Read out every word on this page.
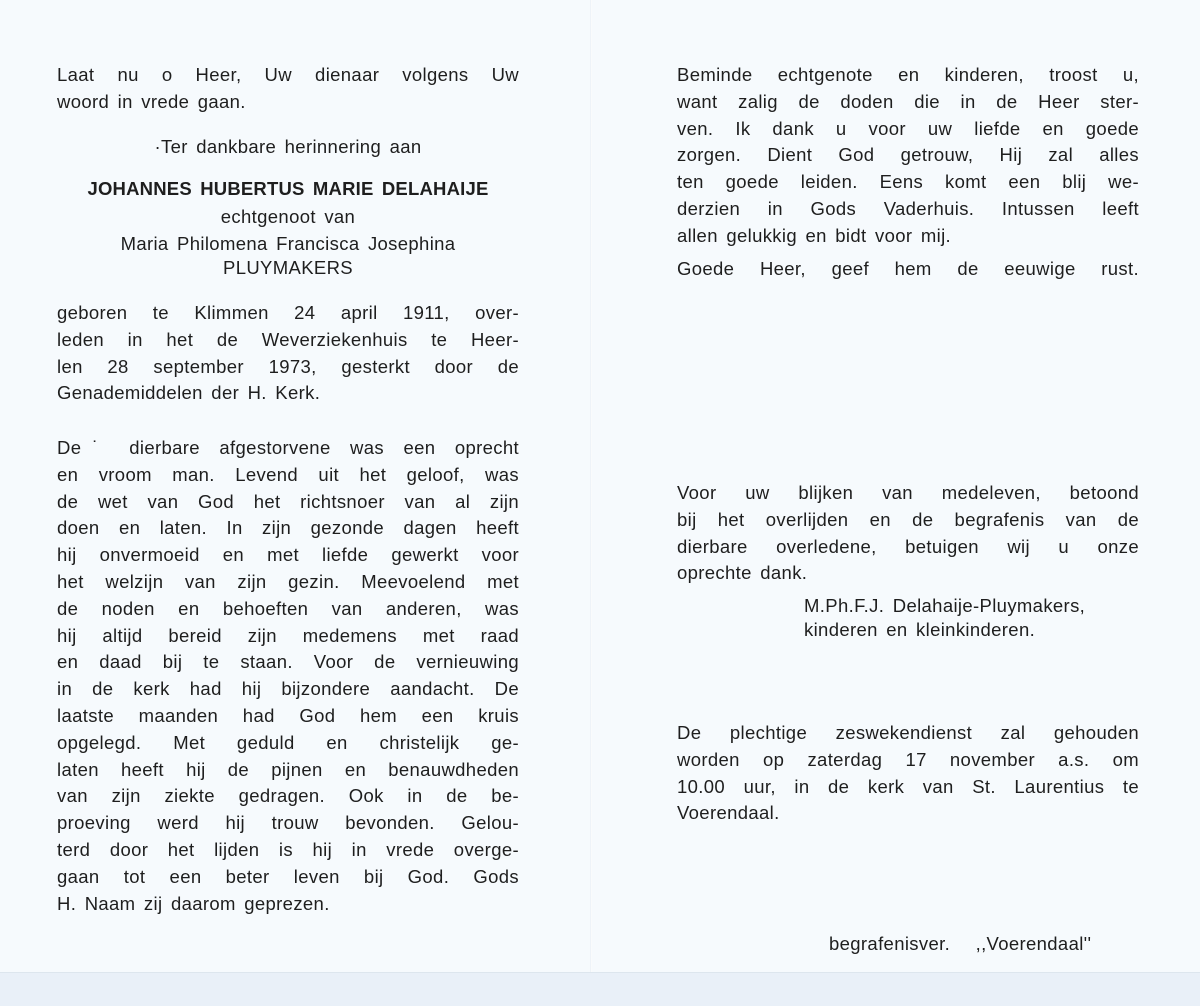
Laat nu o Heer, Uw dienaar volgens Uw
woord in vrede gaan.
·Ter dankbare herinnering aan
JOHANNES HUBERTUS MARIE DELAHAIJE
echtgenoot van
Maria Philomena Francisca Josephina
PLUYMAKERS
geboren te Klimmen 24 april 1911, over-
leden in het de Weverziekenhuis te Heer-
len 28 september 1973, gesterkt door de
Genademiddelen der H. Kerk.
De˙ dierbare afgestorvene was een oprecht
en vroom man. Levend uit het geloof, was
de wet van God het richtsnoer van al zijn
doen en laten. In zijn gezonde dagen heeft
hij onvermoeid en met liefde gewerkt voor
het welzijn van zijn gezin. Meevoelend met
de noden en behoeften van anderen, was
hij altijd bereid zijn medemens met raad
en daad bij te staan. Voor de vernieuwing
in de kerk had hij bijzondere aandacht. De
laatste maanden had God hem een kruis
opgelegd. Met geduld en christelijk ge-
laten heeft hij de pijnen en benauwdheden
van zijn ziekte gedragen. Ook in de be-
proeving werd hij trouw bevonden. Gelou-
terd door het lijden is hij in vrede overge-
gaan tot een beter leven bij God. Gods
H. Naam zij daarom geprezen.
Beminde echtgenote en kinderen, troost u,
want zalig de doden die in de Heer ster-
ven. Ik dank u voor uw liefde en goede
zorgen. Dient God getrouw, Hij zal alles
ten goede leiden. Eens komt een blij we-
derzien in Gods Vaderhuis. Intussen leeft
allen gelukkig en bidt voor mij.
Goede Heer, geef hem de eeuwige rust.
Voor uw blijken van medeleven, betoond
bij het overlijden en de begrafenis van de
dierbare overledene, betuigen wij u onze
oprechte dank.
M.Ph.F.J. Delahaije-Pluymakers,
kinderen en kleinkinderen.
De plechtige zeswekendienst zal gehouden
worden op zaterdag 17 november a.s. om
10.00 uur, in de kerk van St. Laurentius te
Voerendaal.
begrafenisver.   ,,Voerendaal''
